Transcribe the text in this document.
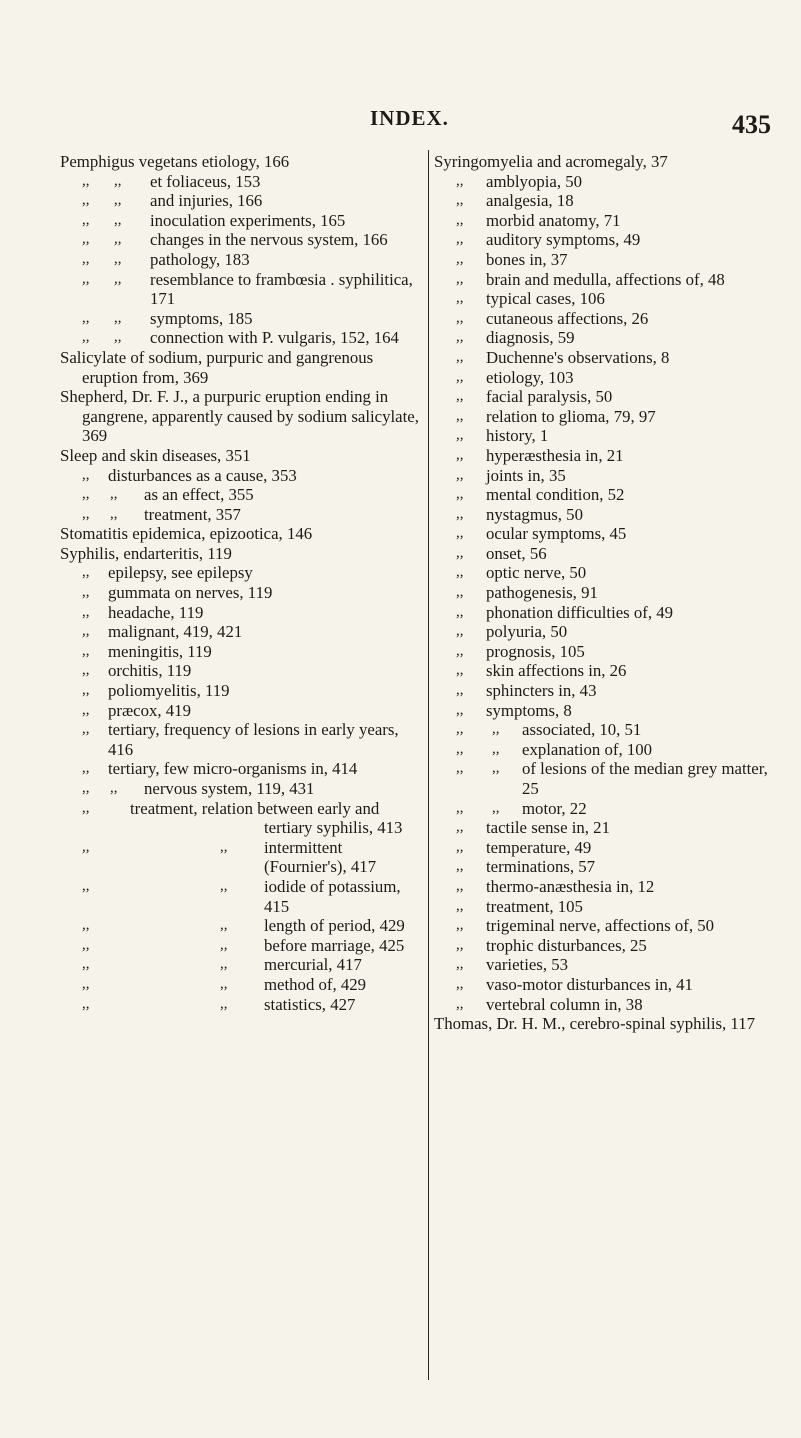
INDEX.	435
Pemphigus vegetans etiology, 166
,, ,,	et foliaceus, 153
,, ,,	and injuries, 166
,, ,,	inoculation experiments, 165
,, ,,	changes in the nervous system, 166
,, ,,	pathology, 183
,, ,,	resemblance to frambœsia . syphilitica, 171
,, ,,	symptoms, 185
,, ,,	connection with P. vulgaris, 152, 164
Salicylate of sodium, purpuric and gangrenous eruption from, 369
Shepherd, Dr. F. J., a purpuric eruption ending in gangrene, apparently caused by sodium salicylate, 369
Sleep and skin diseases, 351
,,	disturbances as a cause, 353
,, ,,	as an effect, 355
,, ,,	treatment, 357
Stomatitis epidemica, epizootica, 146
Syphilis, endarteritis, 119
,,	epilepsy, see epilepsy
,,	gummata on nerves, 119
,,	headache, 119
,,	malignant, 419, 421
,,	meningitis, 119
,,	orchitis, 119
,,	poliomyelitis, 119
,,	præcox, 419
,,	tertiary, frequency of lesions in early years, 416
,,	tertiary, few micro-organisms in, 414
,, ,,	nervous system, 119, 431
,,	treatment, relation between early and tertiary syphilis, 413
,,	,,	intermittent (Fournier's), 417
,,	,,	iodide of potassium, 415
,,	,,	length of period, 429
,,	,,	before marriage, 425
,,	,,	mercurial, 417
,,	,,	method of, 429
,,	,,	statistics, 427
Syringomyelia and acromegaly, 37
,,	amblyopia, 50
,,	analgesia, 18
,,	morbid anatomy, 71
,,	auditory symptoms, 49
,,	bones in, 37
,,	brain and medulla, affections of, 48
,,	typical cases, 106
,,	cutaneous affections, 26
,,	diagnosis, 59
,,	Duchenne's observations, 8
,,	etiology, 103
,,	facial paralysis, 50
,,	relation to glioma, 79, 97
,,	history, 1
,,	hyperæsthesia in, 21
,,	joints in, 35
,,	mental condition, 52
,,	nystagmus, 50
,,	ocular symptoms, 45
,,	onset, 56
,,	optic nerve, 50
,,	pathogenesis, 91
,,	phonation difficulties of, 49
,,	polyuria, 50
,,	prognosis, 105
,,	skin affections in, 26
,,	sphincters in, 43
,,	symptoms, 8
,, ,,	associated, 10, 51
,, ,,	explanation of, 100
,, ,,	of lesions of the median grey matter, 25
,, ,,	motor, 22
,,	tactile sense in, 21
,,	temperature, 49
,,	terminations, 57
,,	thermo-anæsthesia in, 12
,,	treatment, 105
,,	trigeminal nerve, affections of, 50
,,	trophic disturbances, 25
,,	varieties, 53
,,	vaso-motor disturbances in, 41
,,	vertebral column in, 38
Thomas, Dr. H. M., cerebro-spinal syphilis, 117
